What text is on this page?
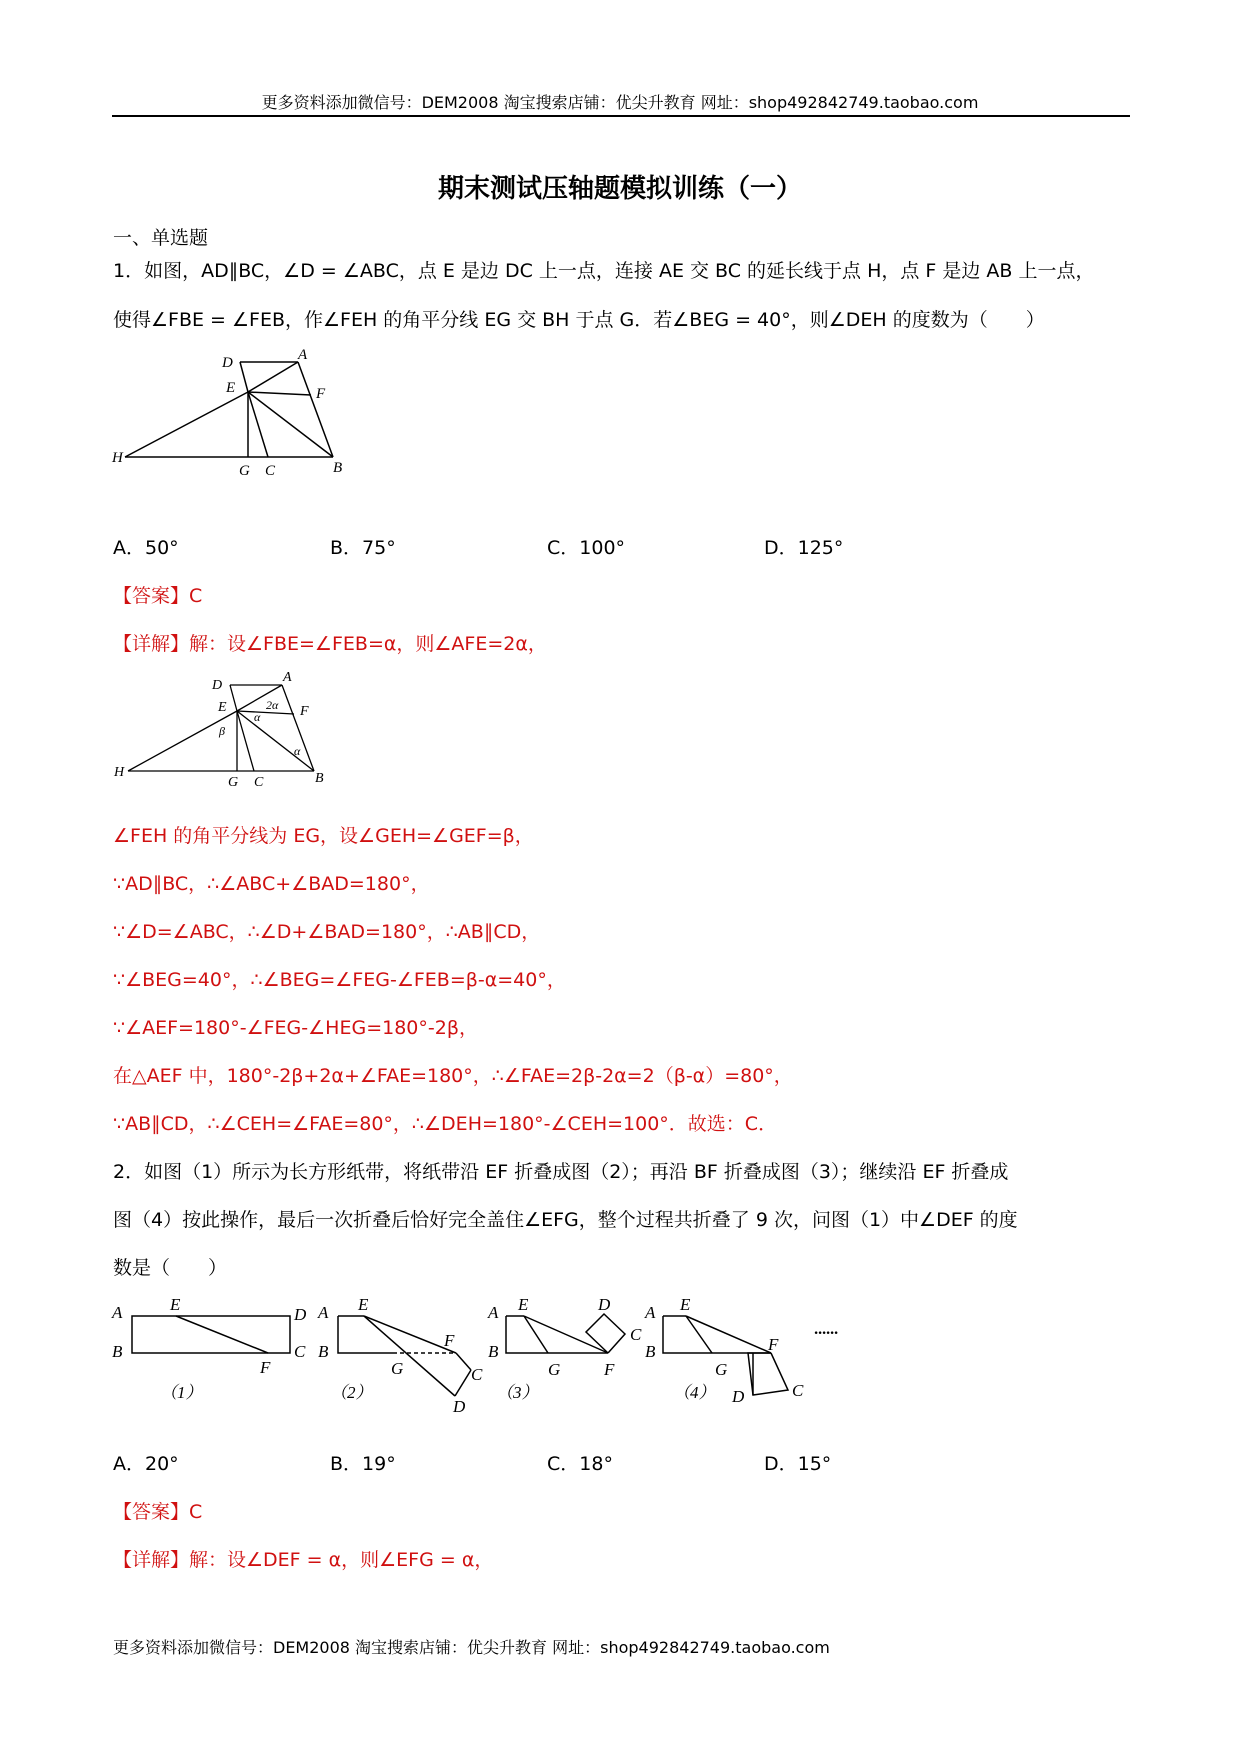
更多资料添加微信号：DEM2008 淘宝搜索店铺：优尖升教育 网址：shop492842749.taobao.com
期末测试压轴题模拟训练（一）
一、单选题
1．如图，AD∥BC，∠D = ∠ABC，点 E 是边 DC 上一点，连接 AE 交 BC 的延长线于点 H，点 F 是边 AB 上一点，
使得∠FBE = ∠FEB，作∠FEH 的角平分线 EG 交 BH 于点 G．若∠BEG = 40°，则∠DEH 的度数为（　　）
D	A
E	F
H
G C	B
A．50°	B．75°	C．100°	D．125°
【答案】C
【详解】解：设∠FBE=∠FEB=α，则∠AFE=2α，
D
A
E	F
H
G C	B
2α
α
α
β
∠FEH 的角平分线为 EG，设∠GEH=∠GEF=β，
∵AD∥BC，∴∠ABC+∠BAD=180°，
∵∠D=∠ABC，∴∠D+∠BAD=180°，∴AB∥CD，
∵∠BEG=40°，∴∠BEG=∠FEG-∠FEB=β-α=40°，
∵∠AEF=180°-∠FEG-∠HEG=180°-2β，
在△AEF 中，180°-2β+2α+∠FAE=180°，∴∠FAE=2β-2α=2（β-α）=80°，
∵AB∥CD，∴∠CEH=∠FAE=80°，∴∠DEH=180°-∠CEH=100°．故选：C．
2．如图（1）所示为长方形纸带，将纸带沿 EF 折叠成图（2）；再沿 BF 折叠成图（3）；继续沿 EF 折叠成
图（4）按此操作，最后一次折叠后恰好完全盖住∠EFG，整个过程共折叠了 9 次，问图（1）中∠DEF 的度
数是（　　）
A
B
E
D
C
F
（1）
A
B
E
F
G	C
D
（2）
A
B
E	D
C
G	F
（3）
A
B
E
F
G
D	C
（4）
······
A．20°	B．19°	C．18°	D．15°
【答案】C
【详解】解：设∠DEF = α，则∠EFG = α，
更多资料添加微信号：DEM2008 淘宝搜索店铺：优尖升教育 网址：shop492842749.taobao.com
